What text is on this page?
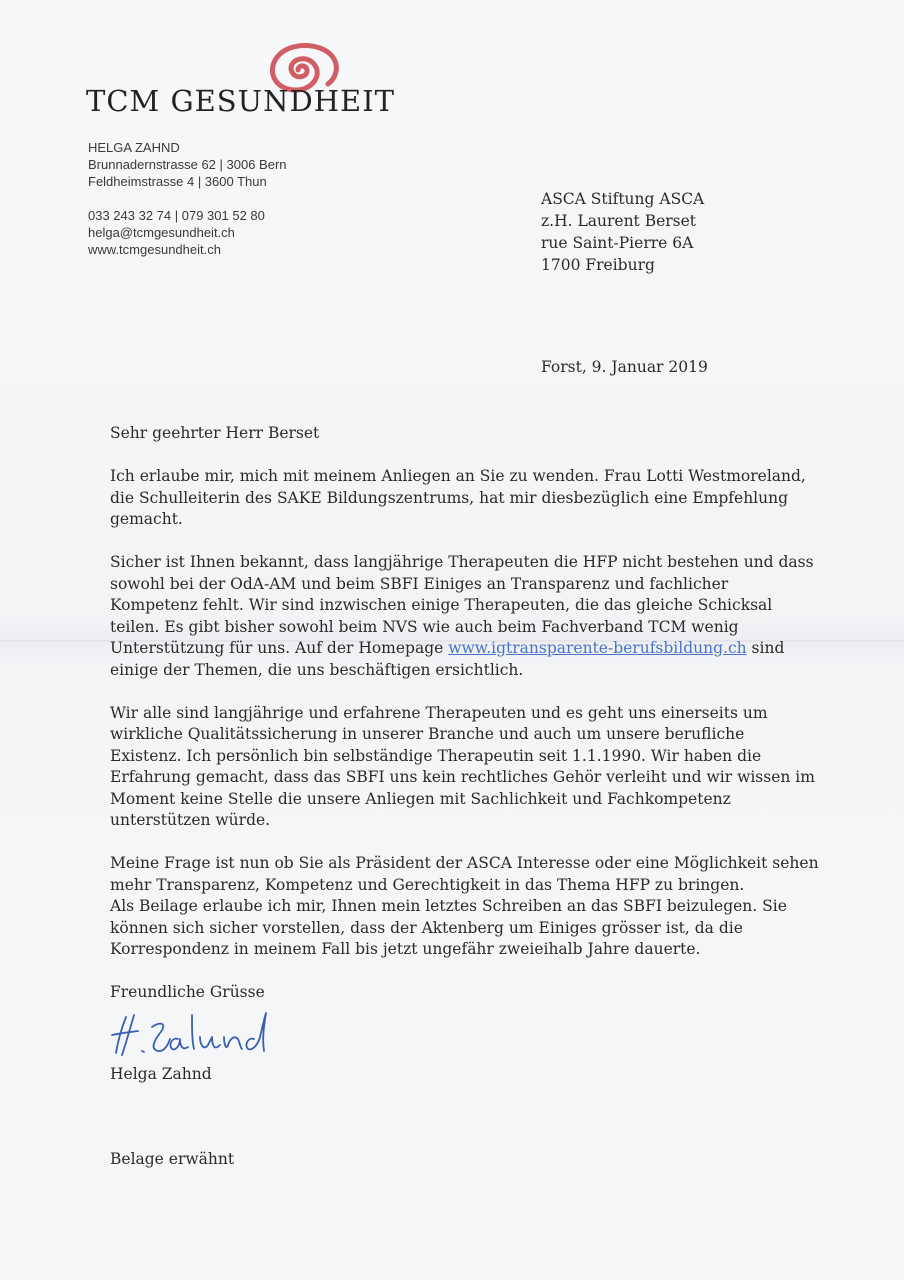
TCM GESUNDHEIT
HELGA ZAHND
Brunnadernstrasse 62 | 3006 Bern
Feldheimstrasse 4 | 3600 Thun
033 243 32 74 | 079 301 52 80
helga@tcmgesundheit.ch
www.tcmgesundheit.ch
ASCA Stiftung ASCA
z.H. Laurent Berset
rue Saint-Pierre 6A
1700 Freiburg
Forst, 9. Januar 2019
Sehr geehrter Herr Berset
Ich erlaube mir, mich mit meinem Anliegen an Sie zu wenden. Frau Lotti Westmoreland,
die Schulleiterin des SAKE Bildungszentrums, hat mir diesbezüglich eine Empfehlung
gemacht.
Sicher ist Ihnen bekannt, dass langjährige Therapeuten die HFP nicht bestehen und dass
sowohl bei der OdA-AM und beim SBFI Einiges an Transparenz und fachlicher
Kompetenz fehlt. Wir sind inzwischen einige Therapeuten, die das gleiche Schicksal
teilen. Es gibt bisher sowohl beim NVS wie auch beim Fachverband TCM wenig
Unterstützung für uns. Auf der Homepage www.igtransparente-berufsbildung.ch sind
einige der Themen, die uns beschäftigen ersichtlich.
Wir alle sind langjährige und erfahrene Therapeuten und es geht uns einerseits um
wirkliche Qualitätssicherung in unserer Branche und auch um unsere berufliche
Existenz. Ich persönlich bin selbständige Therapeutin seit 1.1.1990. Wir haben die
Erfahrung gemacht, dass das SBFI uns kein rechtliches Gehör verleiht und wir wissen im
Moment keine Stelle die unsere Anliegen mit Sachlichkeit und Fachkompetenz
unterstützen würde.
Meine Frage ist nun ob Sie als Präsident der ASCA Interesse oder eine Möglichkeit sehen
mehr Transparenz, Kompetenz und Gerechtigkeit in das Thema HFP zu bringen.
Als Beilage erlaube ich mir, Ihnen mein letztes Schreiben an das SBFI beizulegen. Sie
können sich sicher vorstellen, dass der Aktenberg um Einiges grösser ist, da die
Korrespondenz in meinem Fall bis jetzt ungefähr zweieihalb Jahre dauerte.
Freundliche Grüsse
Helga Zahnd
Belage erwähnt
